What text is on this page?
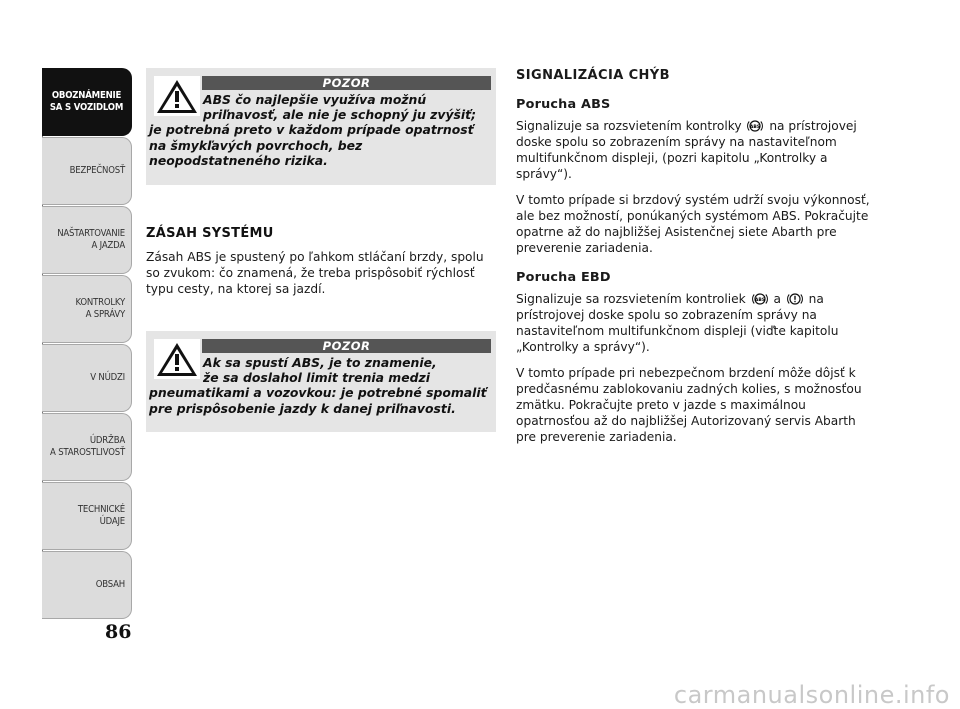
OBOZNÁMENIE
SA S VOZIDLOM
BEZPEČNOSŤ
NAŠTARTOVANIE
A JAZDA
KONTROLKY
A SPRÁVY
V NÚDZI
ÚDRŽBA
A STAROSTLIVOSŤ
TECHNICKÉ
ÚDAJE
OBSAH
86
POZOR
ABS čo najlepšie využíva možnú
priľnavosť, ale nie je schopný ju zvýšiť;
je potrebná preto v každom prípade opatrnosť na šmykľavých povrchoch, bez neopodstatneného rizika.
ZÁSAH SYSTÉMU
Zásah ABS je spustený po ľahkom stláčaní brzdy, spolu so zvukom: čo znamená, že treba prispôsobiť rýchlosť typu cesty, na ktorej sa jazdí.
POZOR
Ak sa spustí ABS, je to znamenie,
že sa doslahol limit trenia medzi
pneumatikami a vozovkou: je potrebné spomaliť pre prispôsobenie jazdy k danej priľnavosti.
SIGNALIZÁCIA CHÝB
Porucha ABS

Signalizuje sa rozsvietením kontrolky ABS na prístrojovej doske spolu so zobrazením správy na nastaviteľnom multifunkčnom displeji, (pozri kapitolu „Kontrolky a správy“).

V tomto prípade si brzdový systém udrží svoju výkonnosť, ale bez možností, ponúkaných systémom ABS. Pokračujte opatrne až do najbližšej Asistenčnej siete Abarth pre preverenie zariadenia.

Porucha EBD

Signalizuje sa rozsvietením kontroliek ABS a na prístrojovej doske spolu so zobrazením správy na nastaviteľnom multifunkčnom displeji (viďte kapitolu „Kontrolky a správy“).

V tomto prípade pri nebezpečnom brzdení môže dôjsť k predčasnému zablokovaniu zadných kolies, s možnosťou zmätku. Pokračujte preto v jazde s maximálnou opatrnosťou až do najbližšej Autorizovaný servis Abarth pre preverenie zariadenia.

carmanualsonline.info
